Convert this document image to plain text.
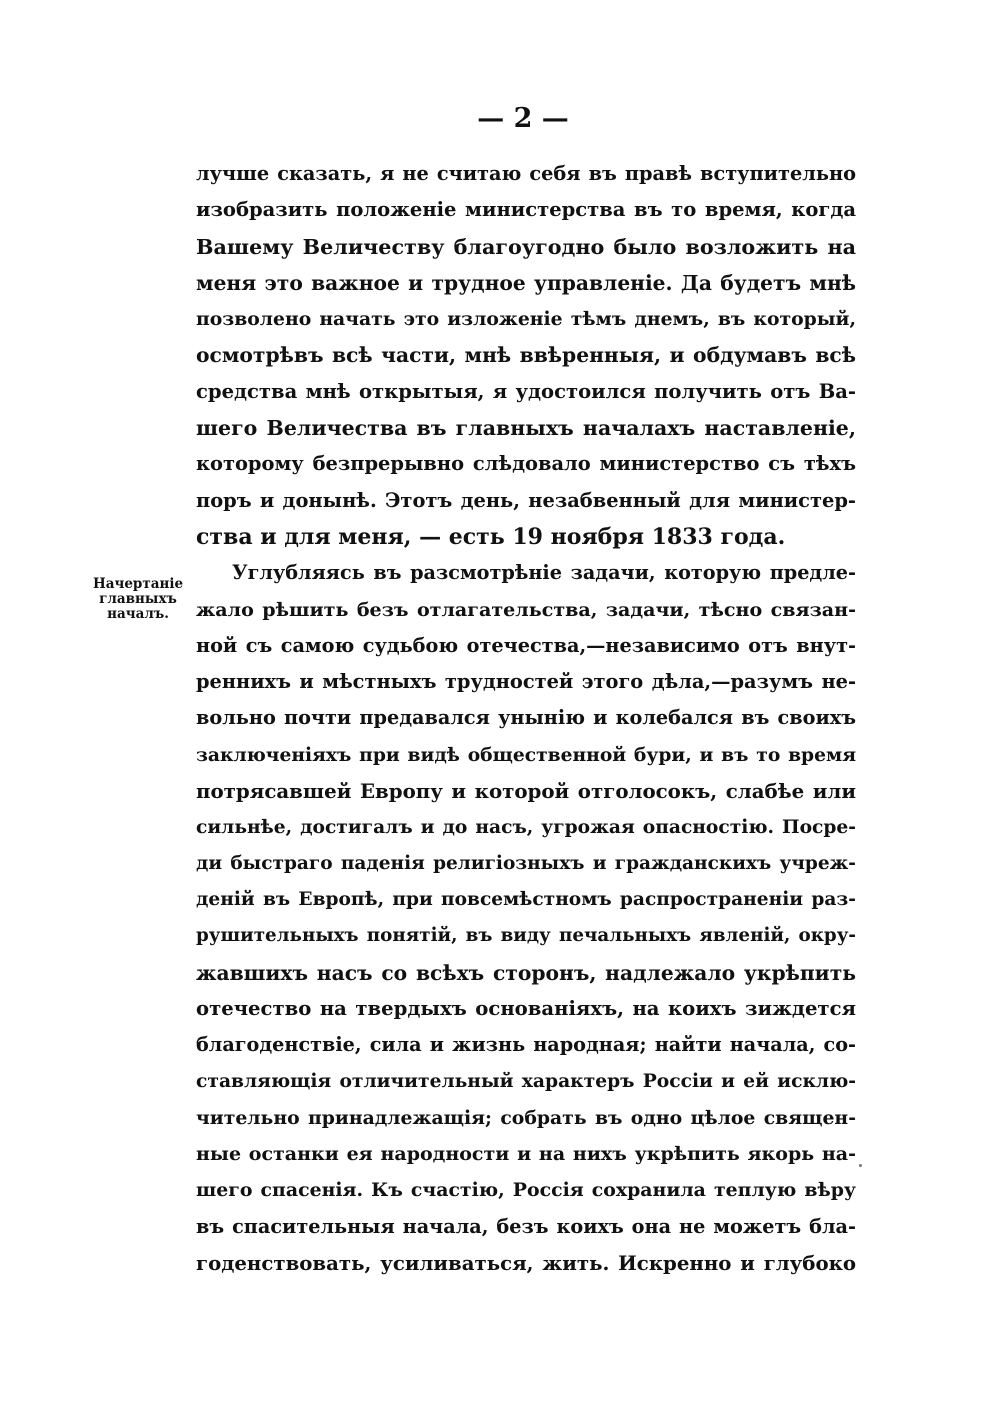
— 2 —
Начертаніе
главныхъ
началъ.
лучше сказать, я не считаю себя въ правѣ вступительно
изобразить положеніе министерства въ то время, когда
Вашему Величеству благоугодно было возложить на
меня это важное и трудное управленіе. Да будетъ мнѣ
позволено начать это изложеніе тѣмъ днемъ, въ который,
осмотрѣвъ всѣ части, мнѣ ввѣренныя, и обдумавъ всѣ
средства мнѣ открытыя, я удостоился получить отъ Ва-
шего Величества въ главныхъ началахъ наставленіе,
которому безпрерывно слѣдовало министерство съ тѣхъ
поръ и донынѣ. Этотъ день, незабвенный для министер-
ства и для меня, — есть 19 ноября 1833 года.
Углубляясь въ разсмотрѣніе задачи, которую предле-
жало рѣшить безъ отлагательства, задачи, тѣсно связан-
ной съ самою судьбою отечества,—независимо отъ внут-
реннихъ и мѣстныхъ трудностей этого дѣла,—разумъ не-
вольно почти предавался унынію и колебался въ своихъ
заключеніяхъ при видѣ общественной бури, и въ то время
потрясавшей Европу и которой отголосокъ, слабѣе или
сильнѣе, достигалъ и до насъ, угрожая опасностію. Посре-
ди быстраго паденія религіозныхъ и гражданскихъ учреж-
деній въ Европѣ, при повсемѣстномъ распространеніи раз-
рушительныхъ понятій, въ виду печальныхъ явленій, окру-
жавшихъ насъ со всѣхъ сторонъ, надлежало укрѣпить
отечество на твердыхъ основаніяхъ, на коихъ зиждется
благоденствіе, сила и жизнь народная; найти начала, со-
ставляющія отличительный характеръ Россіи и ей исклю-
чительно принадлежащія; собрать въ одно цѣлое священ-
ные останки ея народности и на нихъ укрѣпить якорь на-
шего спасенія. Къ счастію, Россія сохранила теплую вѣру
въ спасительныя начала, безъ коихъ она не можетъ бла-
годенствовать, усиливаться, жить. Искренно и глубоко
